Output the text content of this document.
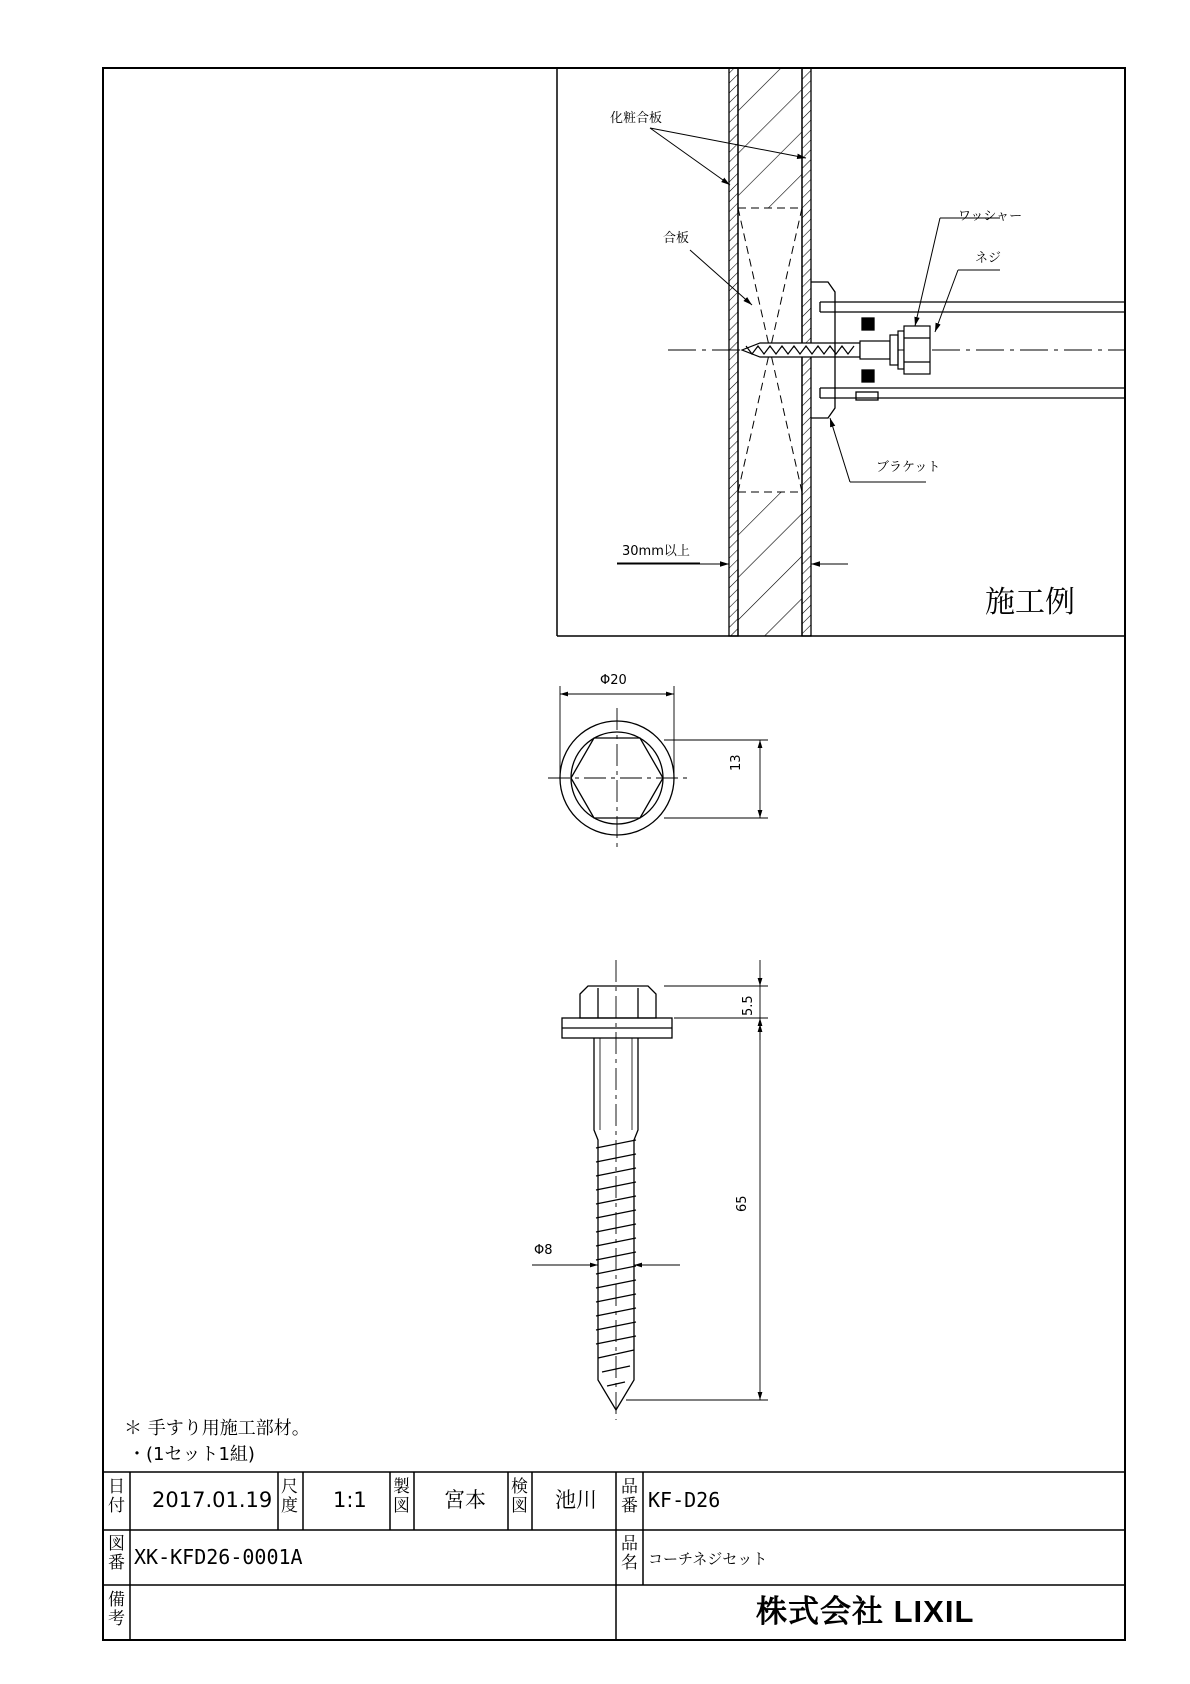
化粧合板
合板
ワッシャー
ネジ
ブラケット
30mm以上
施工例
Φ20
13
5.5
65
Φ8
＊ 手すり用施工部材。
・(1セット1組)
日付 2017.01.19
尺度 1:1
製図 宮本
検図 池川
品番 KF-D26
図番 XK-KFD26-0001A
品名 コーチネジセット
備考	株式会社 LIXIL
